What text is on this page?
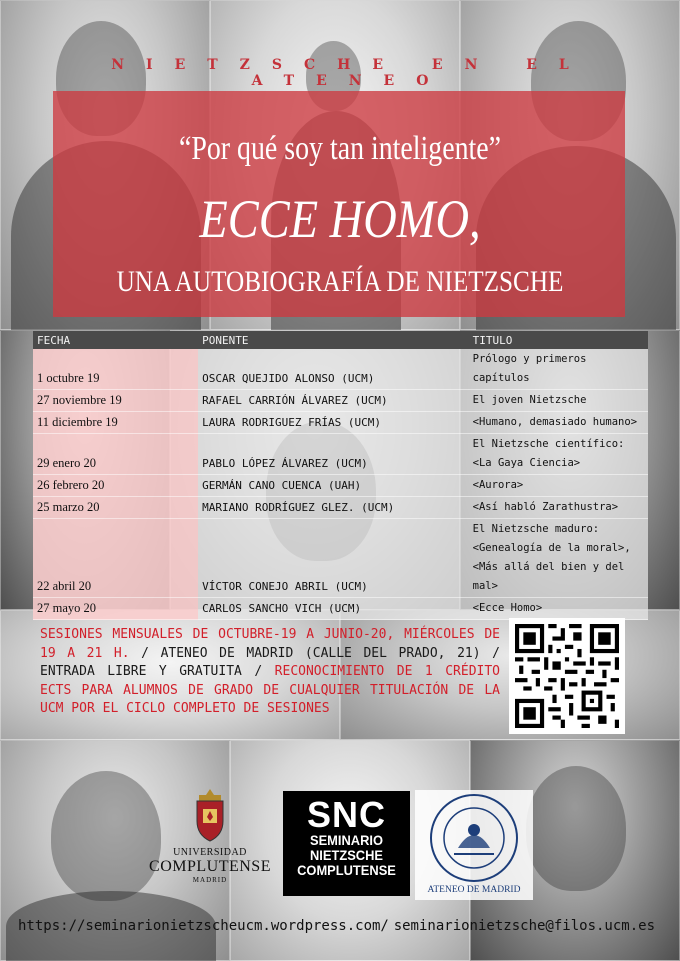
NIETZSCHE EN EL ATENEO
“Por qué soy tan inteligente”
ECCE HOMO,
UNA AUTOBIOGRAFÍA DE NIETZSCHE
FECHA	PONENTE	TITULO
1 octubre 19	OSCAR QUEJIDO ALONSO (UCM)	Prólogo y primeros capítulos
27 noviembre 19	RAFAEL CARRIÓN ÁLVAREZ (UCM)	El joven Nietzsche
11 diciembre 19	LAURA RODRIGUEZ FRÍAS (UCM)	<Humano, demasiado humano>
29 enero 20	PABLO LÓPEZ ÁLVAREZ (UCM)	El Nietzsche científico: <La Gaya Ciencia>
26 febrero 20	GERMÁN CANO CUENCA (UAH)	<Aurora>
25 marzo 20	MARIANO RODRÍGUEZ GLEZ. (UCM)	<Así habló Zarathustra>
22 abril 20	VÍCTOR CONEJO ABRIL (UCM)	El Nietzsche maduro: <Genealogía de la moral>, <Más allá del bien y del mal>
27 mayo 20	CARLOS SANCHO VICH (UCM)	<Ecce Homo>
SESIONES MENSUALES DE OCTUBRE-19 A JUNIO-20, MIÉRCOLES DE 19 A 21 H. / ATENEO DE MADRID (CALLE DEL PRADO, 21) / ENTRADA LIBRE Y GRATUITA / RECONOCIMIENTO DE 1 CRÉDITO ECTS PARA ALUMNOS DE GRADO DE CUALQUIER TITULACIÓN DE LA UCM POR EL CICLO COMPLETO DE SESIONES
UNIVERSIDAD
COMPLUTENSE
MADRID
SNC
SEMINARIO
NIETZSCHE
COMPLUTENSE
ATENEO DE MADRID
https://seminarionietzscheucm.wordpress.com/ seminarionietzsche@filos.ucm.es
